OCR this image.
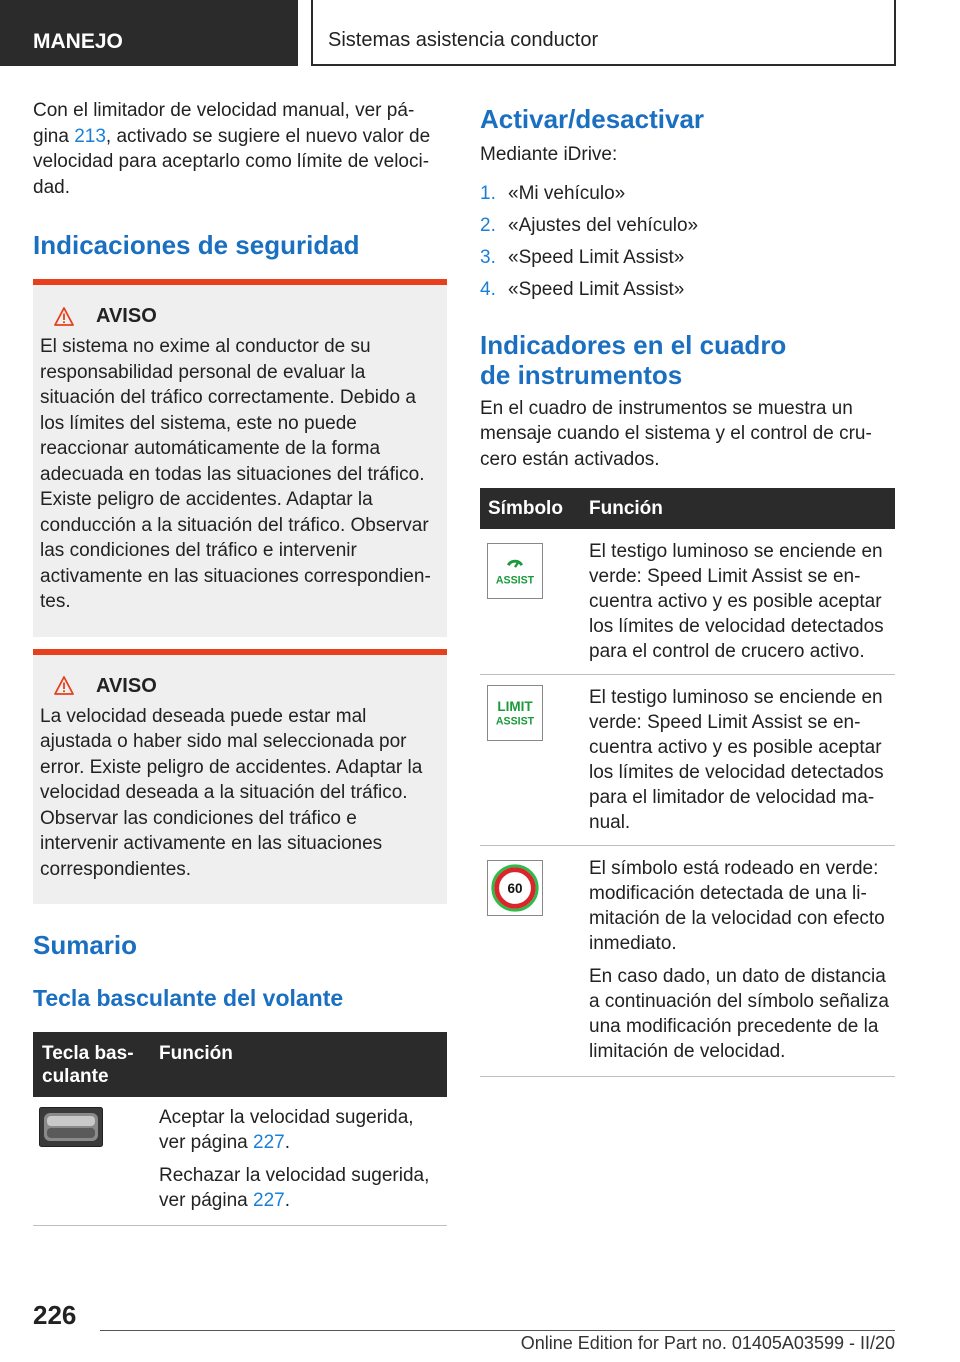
MANEJO	Sistemas asistencia conductor

Con el limitador de velocidad manual, ver página 213, activado se sugiere el nuevo valor de velocidad para aceptarlo como límite de velocidad.

Indicaciones de seguridad
AVISO

El sistema no exime al conductor de su responsabilidad personal de evaluar la situación del tráfico correctamente. Debido a los límites del sistema, este no puede reaccionar automáticamente de la forma adecuada en todas las situaciones del tráfico. Existe peligro de accidentes. Adaptar la conducción a la situación del tráfico. Observar las condiciones del tráfico e intervenir activamente en las situaciones correspondientes.

AVISO

La velocidad deseada puede estar mal ajustada o haber sido mal seleccionada por error. Existe peligro de accidentes. Adaptar la velocidad deseada a la situación del tráfico. Observar las condiciones del tráfico e intervenir activamente en las situaciones correspondientes.

Sumario
Tecla basculante del volante
Tecla basculante	Función

Aceptar la velocidad sugerida, ver página 227.

Rechazar la velocidad sugerida, ver página 227.

Activar/desactivar

Mediante iDrive:

1. «Mi vehículo»
2. «Ajustes del vehículo»
3. «Speed Limit Assist»
4. «Speed Limit Assist»
Indicadores en el cuadro de instrumentos

En el cuadro de instrumentos se muestra un mensaje cuando el sistema y el control de crucero están activados.

Símbolo	Función

ASSIST	El testigo luminoso se enciende en verde: Speed Limit Assist se encuentra activo y es posible aceptar los límites de velocidad detectados para el control de crucero activo.

LIMIT
ASSIST	El testigo luminoso se enciende en verde: Speed Limit Assist se encuentra activo y es posible aceptar los límites de velocidad detectados para el limitador de velocidad manual.

60	El símbolo está rodeado en verde: modificación detectada de una limitación de la velocidad con efecto inmediato.

En caso dado, un dato de distancia a continuación del símbolo señaliza una modificación precedente de la limitación de velocidad.

226
Online Edition for Part no. 01405A03599 - II/20
